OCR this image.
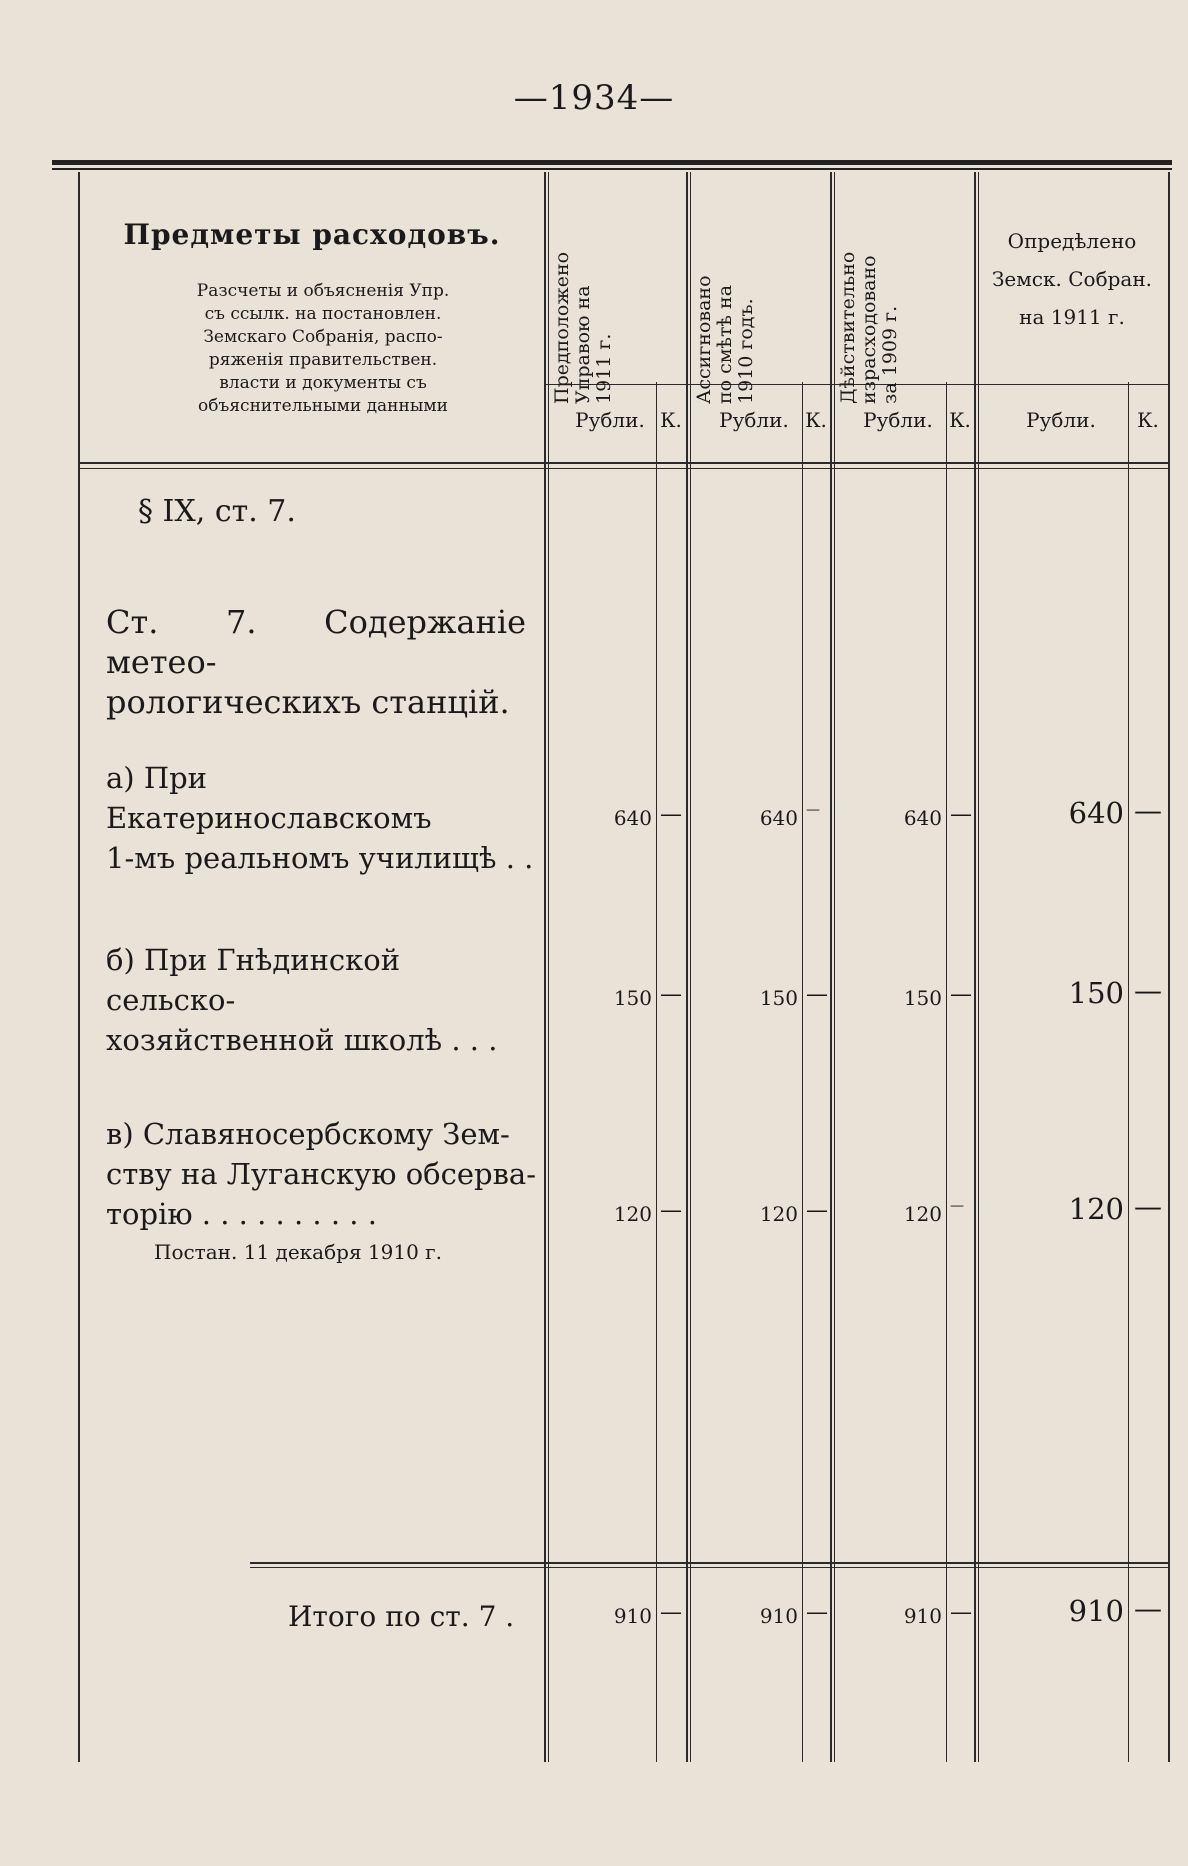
—1934—
Предметы расходовъ.
Разсчеты и объясненія Упр.
съ ссылк. на постановлен.
Земскаго Собранія, распо-
ряженія правительствен.
власти и документы съ
объяснительными данными
Предположено
Управою на
1911 г.	Ассигновано
по смѣтѣ на
1910 годъ.	Дѣйствительно
израсходовано
за 1909 г.
Опредѣлено
Земск. Собран.
на 1911 г.
Рубли. К.	Рубли. К.	Рубли. К.	Рубли.	К.
§ IX, ст. 7.
Ст. 7. Содержаніе метео-
рологическихъ станцій.
а) При Екатеринославскомъ
1-мъ реальномъ училищѣ . .
640 —	640 —	640 —	640 —
б) При Гнѣдинской сельско-
хозяйственной школѣ . . .
150 —	150 —	150 —	150 —
в) Славяносербскому Зем-
ству на Луганскую обсерва-
торію . . . . . . . . . .	120 —	120 —	120 —	120 —
Постан. 11 декабря 1910 г.
Итого по ст. 7 .	910 —	910 —	910 —	910 —
